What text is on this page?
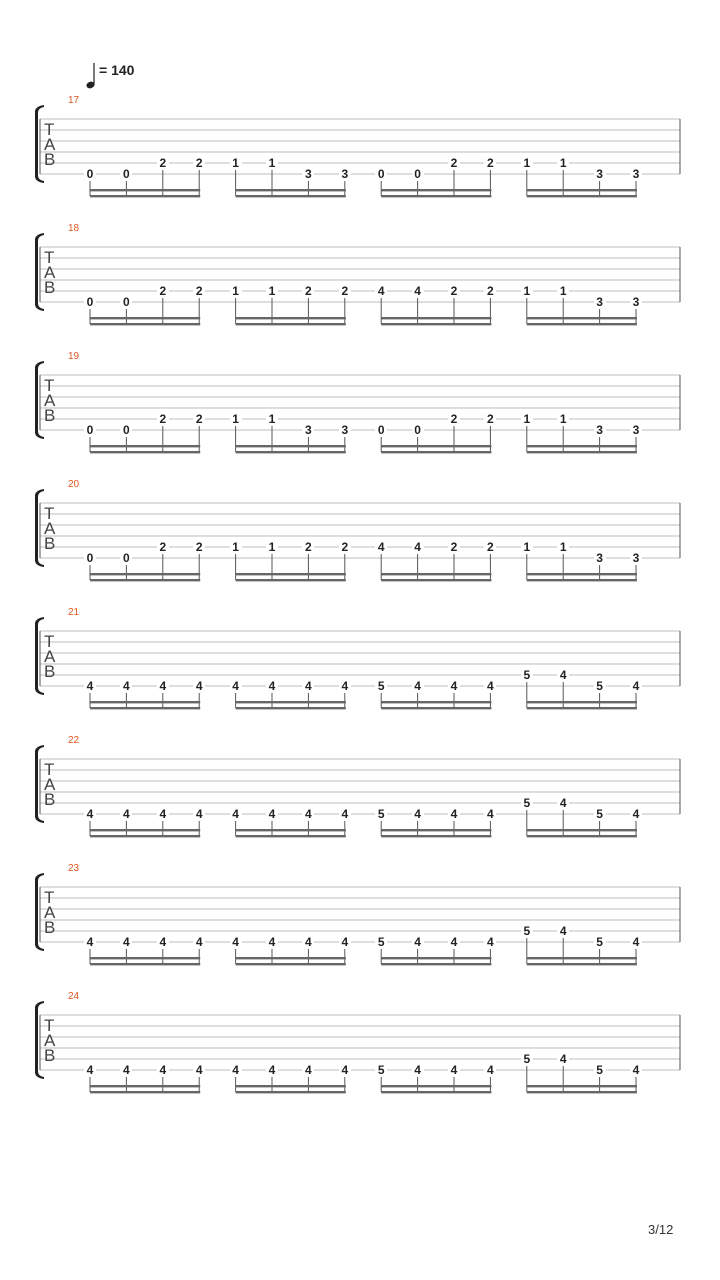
= 140
17
T
A
B
0 0
2 2 1 1
3 3 0 0
2 2 1 1
3 3
18
T
A
B
0 0
2 2 1 1 2 2 4 4 2 2 1 1
3 3
19
T
A
B
0 0
2 2 1 1
3 3 0 0
2 2 1 1
3 3
20
T
A
B
0 0
2 2 1 1 2 2 4 4 2 2 1 1
3 3
21
T
A
B
4 4 4 4 4 4 4 4 5 4 4 4
5 4
5 4
22
T
A
B
4 4 4 4 4 4 4 4 5 4 4 4
5 4
5 4
23
T
A
B
4 4 4 4 4 4 4 4 5 4 4 4
5 4
5 4
24
T
A
B
4 4 4 4 4 4 4 4 5 4 4 4
5 4
5 4
3/12
